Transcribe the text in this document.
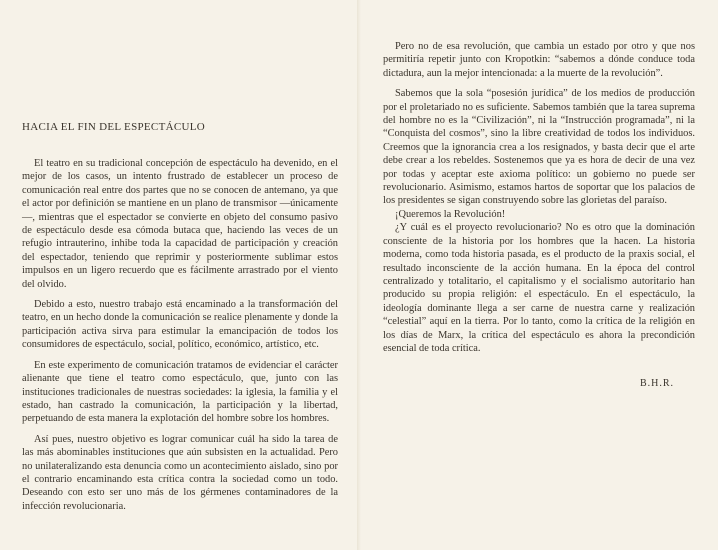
HACIA EL FIN DEL ESPECTÁCULO

El teatro en su tradicional concepción de espectáculo ha devenido, en el mejor de los casos, un intento frustrado de establecer un proceso de comunicación real entre dos partes que no se conocen de antemano, ya que el actor por definición se mantiene en un plano de transmisor —únicamente—, mientras que el espectador se convierte en objeto del consumo pasivo de espectáculo desde esa cómoda butaca que, haciendo las veces de un refugio intrauterino, inhibe toda la capacidad de participación y creación del espectador, teniendo que reprimir y posteriormente sublimar estos impulsos en un ligero recuerdo que es fácilmente arrastrado por el viento del olvido.

Debido a esto, nuestro trabajo está encaminado a la transformación del teatro, en un hecho donde la comunicación se realice plenamente y donde la participación activa sirva para estimular la emancipación de todos los consumidores de espectáculo, social, político, económico, artístico, etc.

En este experimento de comunicación tratamos de evidenciar el carácter alienante que tiene el teatro como espectáculo, que, junto con las instituciones tradicionales de nuestras sociedades: la iglesia, la familia y el estado, han castrado la comunicación, la participación y la libertad, perpetuando de esta manera la explotación del hombre sobre los hombres.

Así pues, nuestro objetivo es lograr comunicar cuál ha sido la tarea de las más abominables instituciones que aún subsisten en la actualidad. Pero no unilateralizando esta denuncia como un acontecimiento aislado, sino por el contrario encaminando esta crítica contra la sociedad como un todo. Deseando con esto ser uno más de los gérmenes contaminadores de la infección revolucionaria.

Pero no de esa revolución, que cambia un estado por otro y que nos permitiría repetir junto con Kropotkin: “sabemos a dónde conduce toda dictadura, aun la mejor intencionada: a la muerte de la revolución”.

Sabemos que la sola “posesión jurídica” de los medios de producción por el proletariado no es suficiente. Sabemos también que la tarea suprema del hombre no es la “Civilización”, ni la “Instrucción programada”, ni la “Conquista del cosmos”, sino la libre creatividad de todos los individuos. Creemos que la ignorancia crea a los resignados, y basta decir que el arte debe crear a los rebeldes. Sostenemos que ya es hora de decir de una vez por todas y aceptar este axioma político: un gobierno no puede ser revolucionario. Asimismo, estamos hartos de soportar que los palacios de los presidentes se sigan construyendo sobre las glorietas del paraíso.

¡Queremos la Revolución!

¿Y cuál es el proyecto revolucionario? No es otro que la dominación consciente de la historia por los hombres que la hacen. La historia moderna, como toda historia pasada, es el producto de la praxis social, el resultado inconsciente de la acción humana. En la época del control centralizado y totalitario, el capitalismo y el socialismo autoritario han producido su propia religión: el espectáculo. En el espectáculo, la ideología dominante llega a ser carne de nuestra carne y realización “celestial” aquí en la tierra. Por lo tanto, como la crítica de la religión en los días de Marx, la crítica del espectáculo es ahora la precondición esencial de toda crítica.

B.H.R.
